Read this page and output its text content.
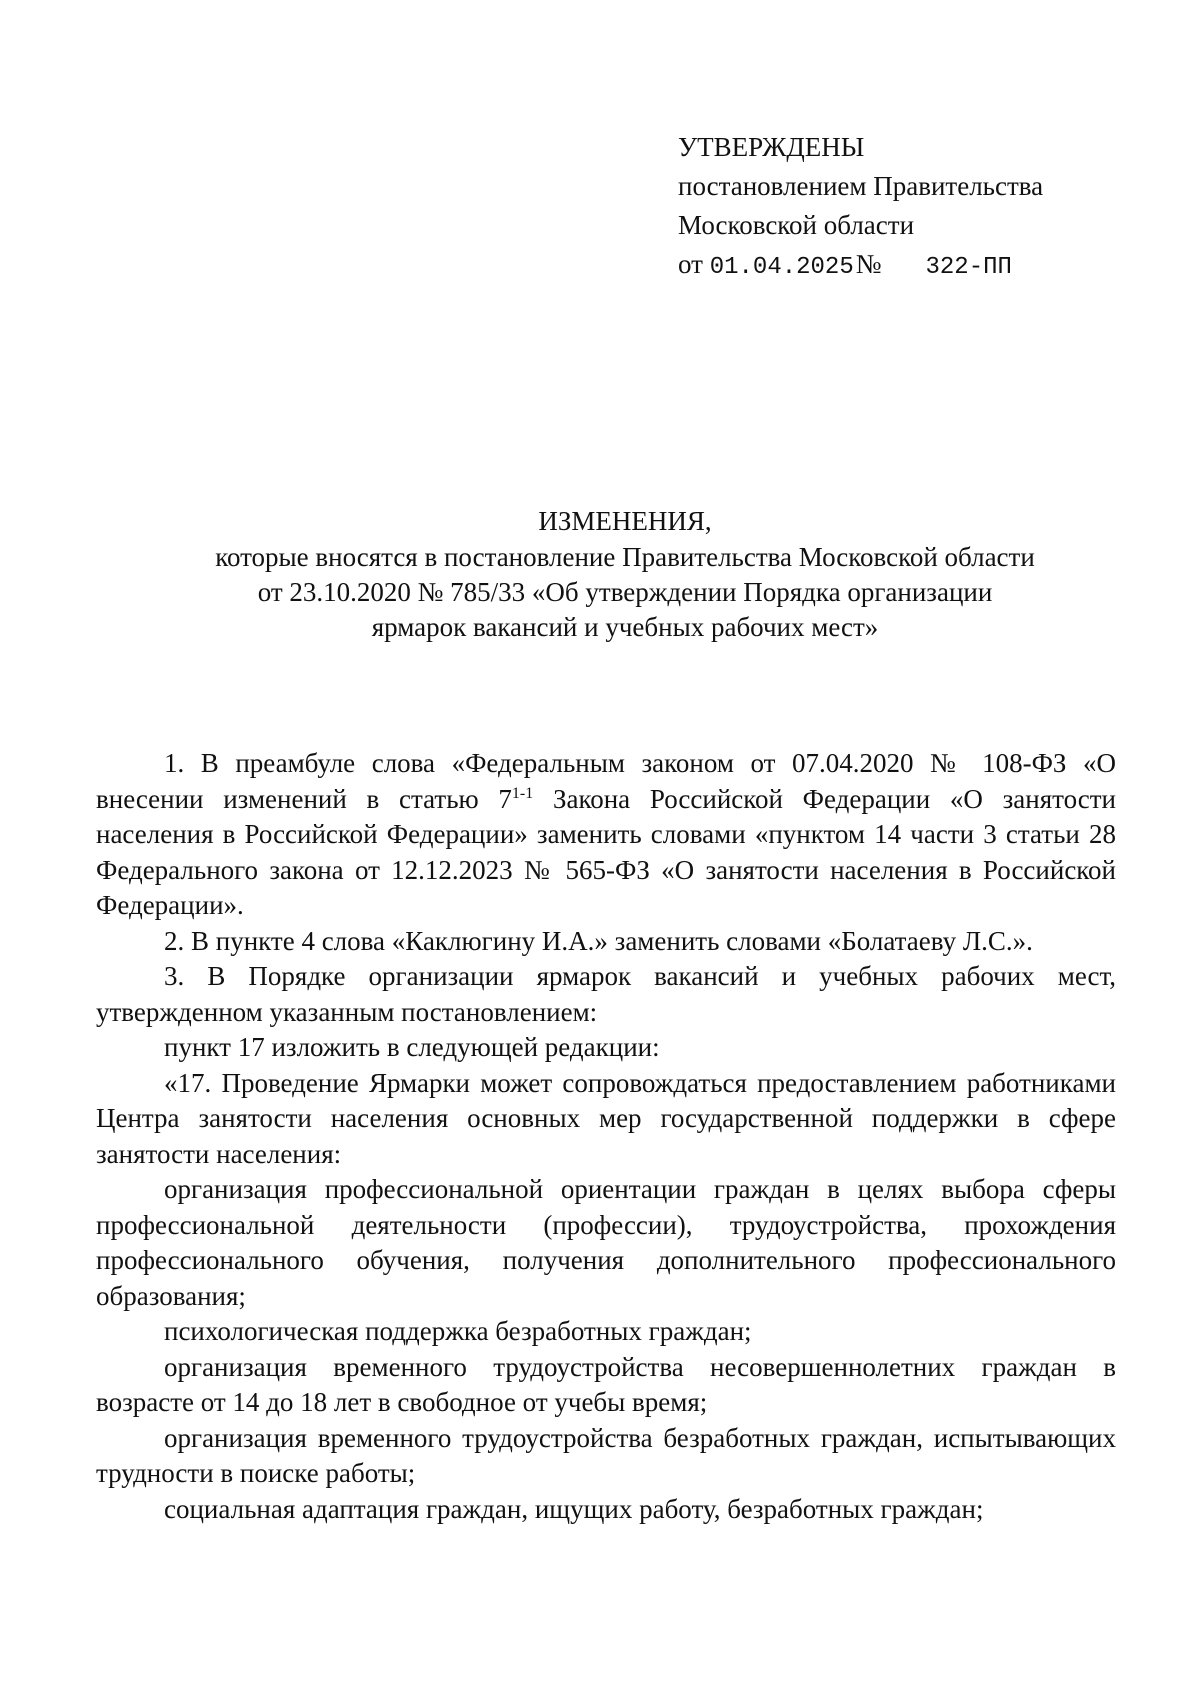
УТВЕРЖДЕНЫ
постановлением Правительства
Московской области
от 01.04.2025№ 322-ПП
ИЗМЕНЕНИЯ,
которые вносятся в постановление Правительства Московской области
от 23.10.2020 № 785/33 «Об утверждении Порядка организации
ярмарок вакансий и учебных рабочих мест»

1. В преамбуле слова «Федеральным законом от 07.04.2020 № 108-ФЗ «О внесении изменений в статью 7$^{1-1}$ Закона Российской Федерации «О занятости населения в Российской Федерации» заменить словами «пунктом 14 части 3 статьи 28 Федерального закона от 12.12.2023 № 565-ФЗ «О занятости населения в Российской Федерации».

2. В пункте 4 слова «Каклюгину И.А.» заменить словами «Болатаеву Л.С.».

3. В Порядке организации ярмарок вакансий и учебных рабочих мест, утвержденном указанным постановлением:

пункт 17 изложить в следующей редакции:

«17. Проведение Ярмарки может сопровождаться предоставлением работниками Центра занятости населения основных мер государственной поддержки в сфере занятости населения:

организация профессиональной ориентации граждан в целях выбора сферы профессиональной деятельности (профессии), трудоустройства, прохождения профессионального обучения, получения дополнительного профессионального образования;

психологическая поддержка безработных граждан;

организация временного трудоустройства несовершеннолетних граждан в возрасте от 14 до 18 лет в свободное от учебы время;

организация временного трудоустройства безработных граждан, испытывающих трудности в поиске работы;

социальная адаптация граждан, ищущих работу, безработных граждан;
